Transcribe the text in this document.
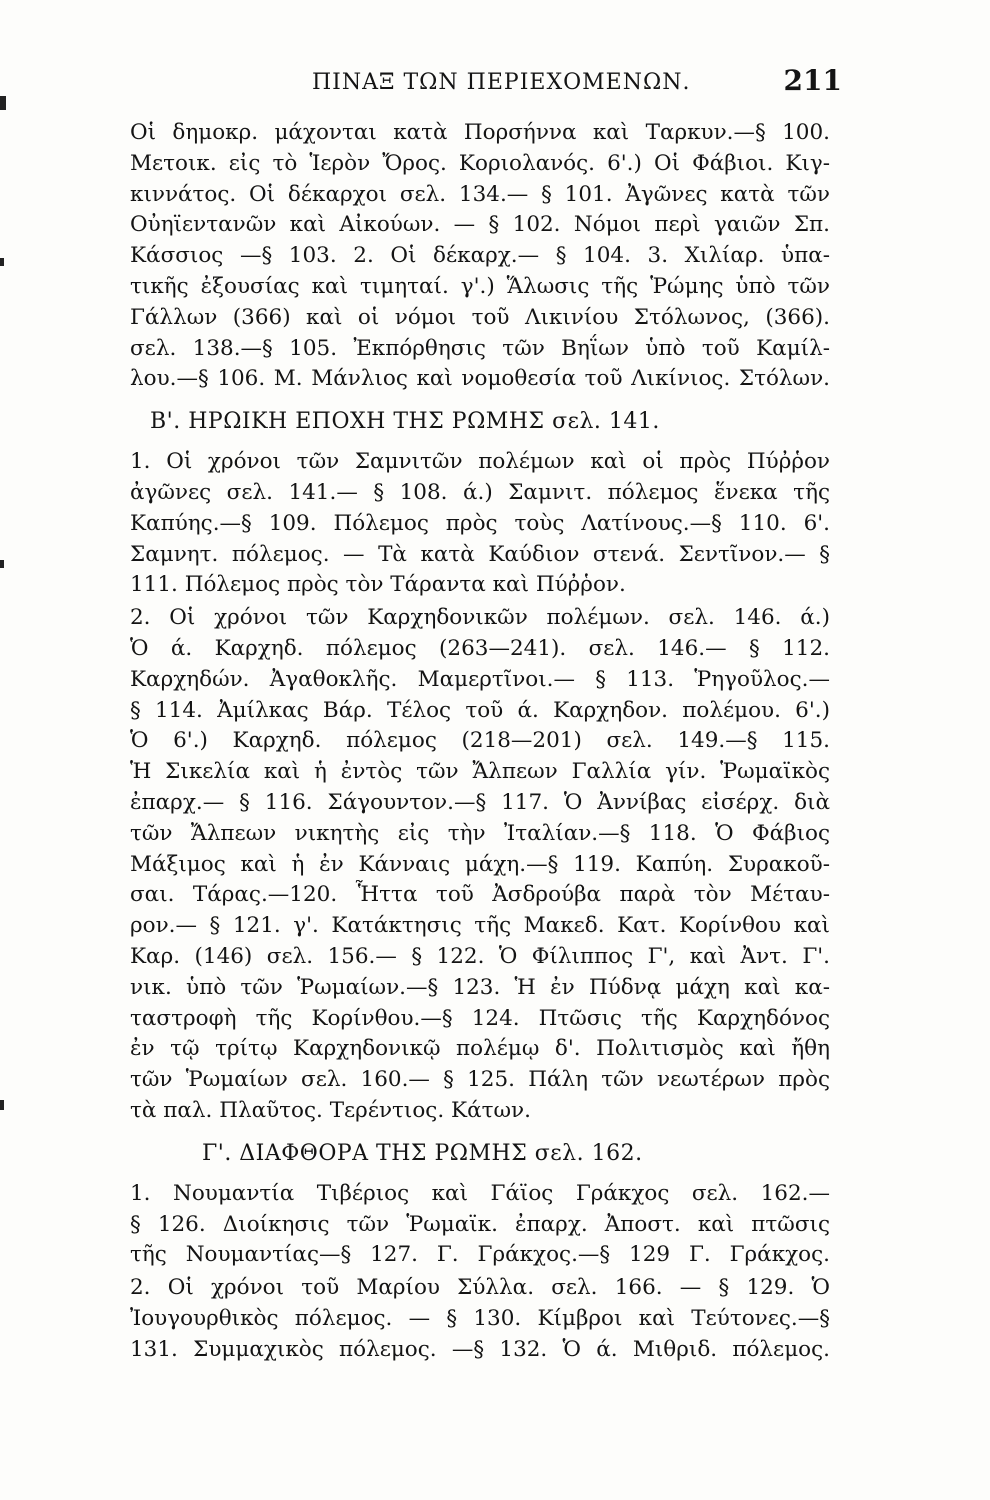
ΠΙΝΑΞ ΤΩΝ ΠΕΡΙΕΧΟΜΕΝΩΝ.	211
Οἱ δημοκρ. μάχονται κατὰ Πορσήννα καὶ Ταρκυν.—§ 100.
Μετοικ. εἰς τὸ Ἱερὸν Ὄρος. Κοριολανός. 6'.) Οἱ Φάβιοι. Κιγ-
κιννάτος. Οἱ δέκαρχοι σελ. 134.— § 101. Ἀγῶνες κατὰ τῶν
Οὐηϊεντανῶν καὶ Αἰκούων. — § 102. Νόμοι περὶ γαιῶν Σπ.
Κάσσιος —§ 103. 2. Οἱ δέκαρχ.— § 104. 3. Χιλίαρ. ὑπα-
τικῆς ἐξουσίας καὶ τιμηταί. γ'.) Ἅλωσις τῆς Ῥώμης ὑπὸ τῶν
Γάλλων (366) καὶ οἱ νόμοι τοῦ Λικινίου Στόλωνος, (366).
σελ. 138.—§ 105. Ἐκπόρθησις τῶν Βηΐων ὑπὸ τοῦ Καμίλ-
λου.—§ 106. Μ. Μάνλιος καὶ νομοθεσία τοῦ Λικίνιος. Στόλων.
Β'. ΗΡΩΙΚΗ ΕΠΟΧΗ ΤΗΣ ΡΩΜΗΣ σελ. 141.
1. Οἱ χρόνοι τῶν Σαμνιτῶν πολέμων καὶ οἱ πρὸς Πύῤῥον
ἀγῶνες σελ. 141.— § 108. ά.) Σαμνιτ. πόλεμος ἕνεκα τῆς
Καπύης.—§ 109. Πόλεμος πρὸς τοὺς Λατίνους.—§ 110. 6'.
Σαμνητ. πόλεμος. — Τὰ κατὰ Καύδιον στενά. Σεντῖνον.— §
111. Πόλεμος πρὸς τὸν Τάραντα καὶ Πύῤῥον.
2. Οἱ χρόνοι τῶν Καρχηδονικῶν πολέμων. σελ. 146. ά.)
Ὁ ά. Καρχηδ. πόλεμος (263—241). σελ. 146.— § 112.
Καρχηδών. Ἀγαθοκλῆς. Μαμερτῖνοι.— § 113. Ῥηγοῦλος.—
§ 114. Ἀμίλκας Βάρ. Τέλος τοῦ ά. Καρχηδον. πολέμου. 6'.)
Ὁ 6'.) Καρχηδ. πόλεμος (218—201) σελ. 149.—§ 115.
Ἡ Σικελία καὶ ἡ ἐντὸς τῶν Ἄλπεων Γαλλία γίν. Ῥωμαϊκὸς
ἐπαρχ.— § 116. Σάγουντον.—§ 117. Ὁ Ἀννίβας εἰσέρχ. διὰ
τῶν Ἄλπεων νικητὴς εἰς τὴν Ἰταλίαν.—§ 118. Ὁ Φάβιος
Μάξιμος καὶ ἡ ἐν Κάνναις μάχη.—§ 119. Καπύη. Συρακοῦ-
σαι. Τάρας.—120. Ἧττα τοῦ Ἀσδρούβα παρὰ τὸν Μέταυ-
ρον.— § 121. γ'. Κατάκτησις τῆς Μακεδ. Κατ. Κορίνθου καὶ
Καρ. (146) σελ. 156.— § 122. Ὁ Φίλιππος Γ', καὶ Ἀντ. Γ'.
νικ. ὑπὸ τῶν Ῥωμαίων.—§ 123. Ἡ ἐν Πύδνᾳ μάχη καὶ κα-
ταστροφὴ τῆς Κορίνθου.—§ 124. Πτῶσις τῆς Καρχηδόνος
ἐν τῷ τρίτῳ Καρχηδονικῷ πολέμῳ δ'. Πολιτισμὸς καὶ ἤθη
τῶν Ῥωμαίων σελ. 160.— § 125. Πάλη τῶν νεωτέρων πρὸς
τὰ παλ. Πλαῦτος. Τερέντιος. Κάτων.
Γ'. ΔΙΑΦΘΟΡΑ ΤΗΣ ΡΩΜΗΣ σελ. 162.
1. Νουμαντία Τιβέριος καὶ Γάϊος Γράκχος σελ. 162.—
§ 126. Διοίκησις τῶν Ῥωμαϊκ. ἐπαρχ. Ἀποστ. καὶ πτῶσις
τῆς Νουμαντίας—§ 127. Γ. Γράκχος.—§ 129 Γ. Γράκχος.
2. Οἱ χρόνοι τοῦ Μαρίου Σύλλα. σελ. 166. — § 129. Ὁ
Ἰουγουρθικὸς πόλεμος. — § 130. Κίμβροι καὶ Τεύτονες.—§
131. Συμμαχικὸς πόλεμος. —§ 132. Ὁ ά. Μιθριδ. πόλεμος.
